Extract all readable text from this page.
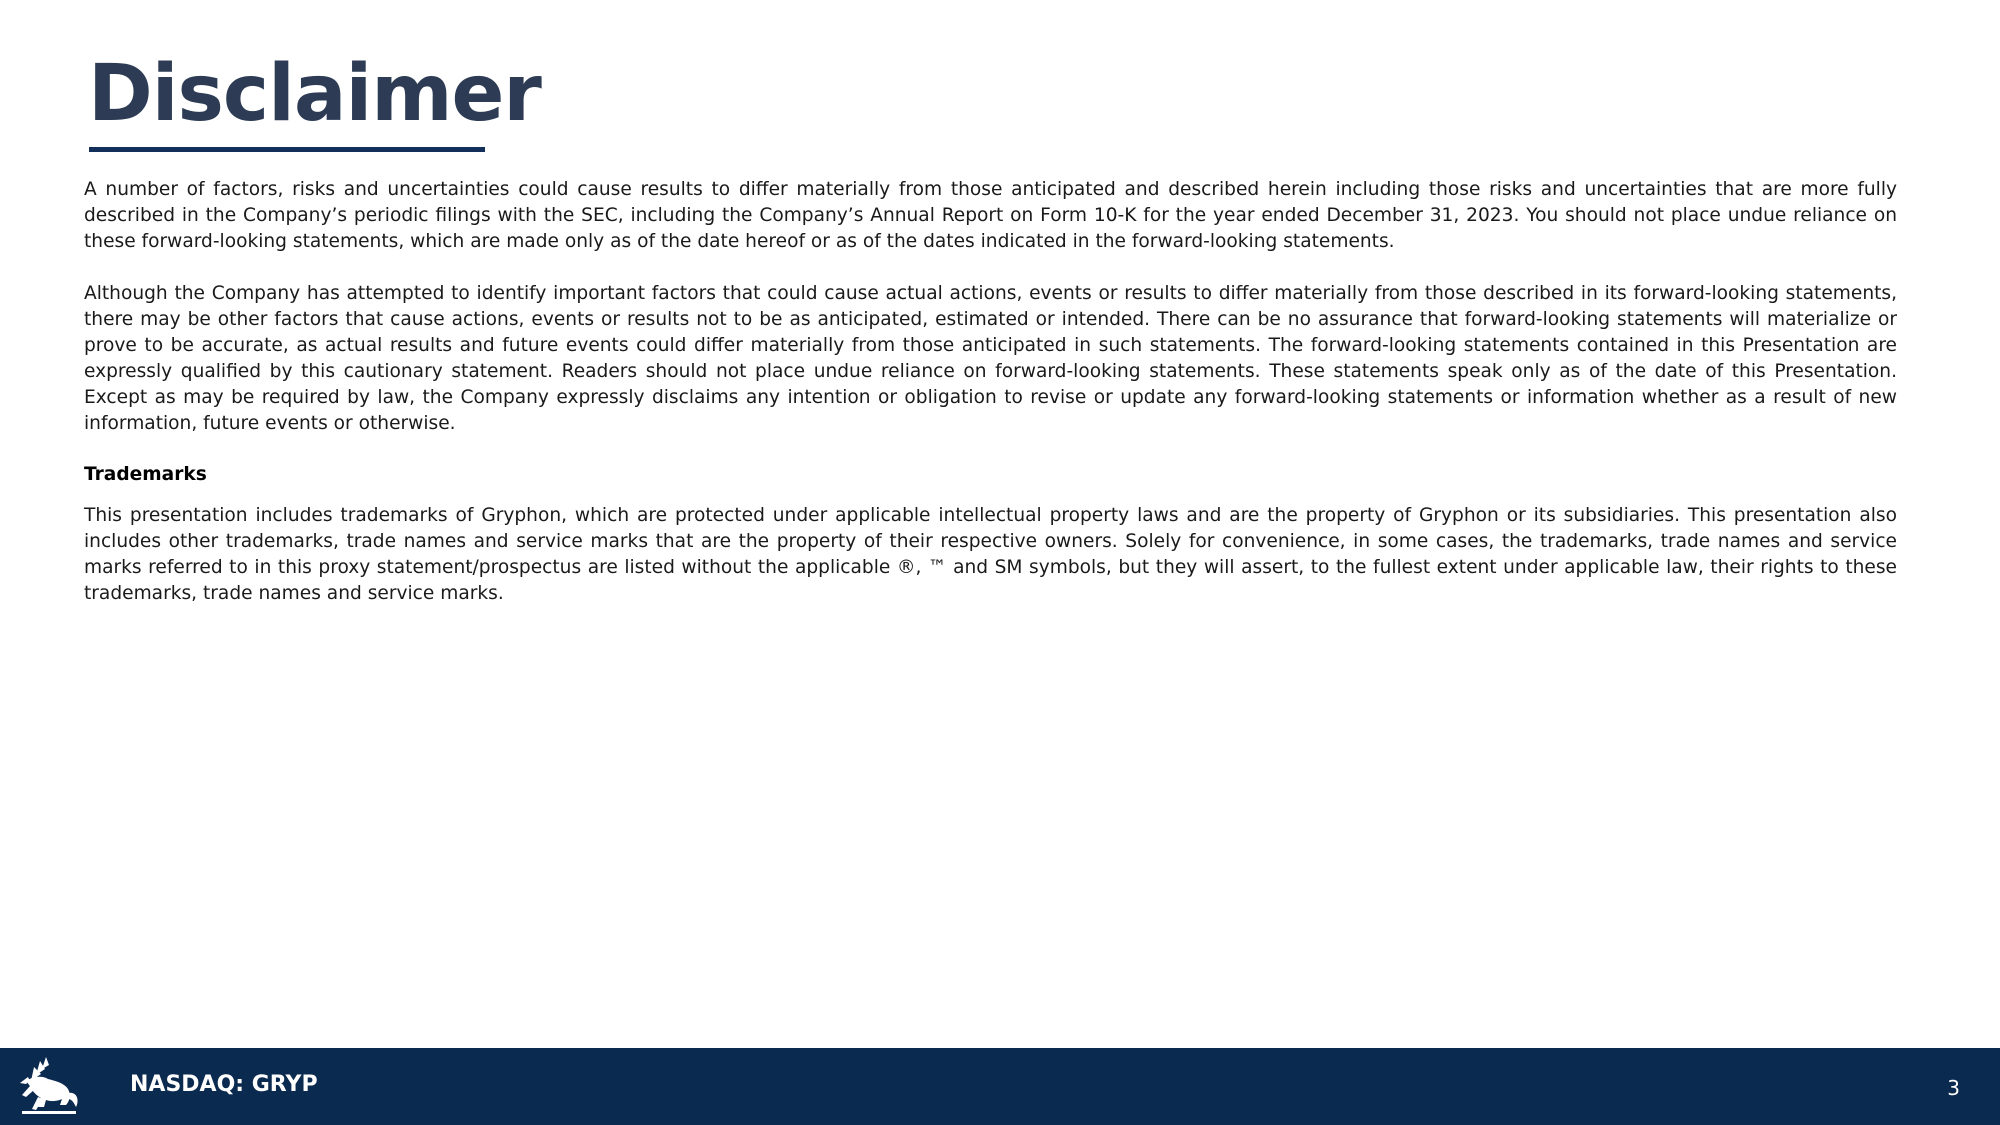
Disclaimer

A number of factors, risks and uncertainties could cause results to differ materially from those anticipated and described herein including those risks and uncertainties that are more fully described in the Company’s periodic filings with the SEC, including the Company’s Annual Report on Form 10-K for the year ended December 31, 2023. You should not place undue reliance on these forward-looking statements, which are made only as of the date hereof or as of the dates indicated in the forward-looking statements.

Although the Company has attempted to identify important factors that could cause actual actions, events or results to differ materially from those described in its forward-looking statements, there may be other factors that cause actions, events or results not to be as anticipated, estimated or intended. There can be no assurance that forward-looking statements will materialize or prove to be accurate, as actual results and future events could differ materially from those anticipated in such statements. The forward-looking statements contained in this Presentation are expressly qualified by this cautionary statement. Readers should not place undue reliance on forward-looking statements. These statements speak only as of the date of this Presentation. Except as may be required by law, the Company expressly disclaims any intention or obligation to revise or update any forward-looking statements or information whether as a result of new information, future events or otherwise.

Trademarks

This presentation includes trademarks of Gryphon, which are protected under applicable intellectual property laws and are the property of Gryphon or its subsidiaries. This presentation also includes other trademarks, trade names and service marks that are the property of their respective owners. Solely for convenience, in some cases, the trademarks, trade names and service marks referred to in this proxy statement/prospectus are listed without the applicable ®, ™ and SM symbols, but they will assert, to the fullest extent under applicable law, their rights to these trademarks, trade names and service marks.

NASDAQ: GRYP	3
